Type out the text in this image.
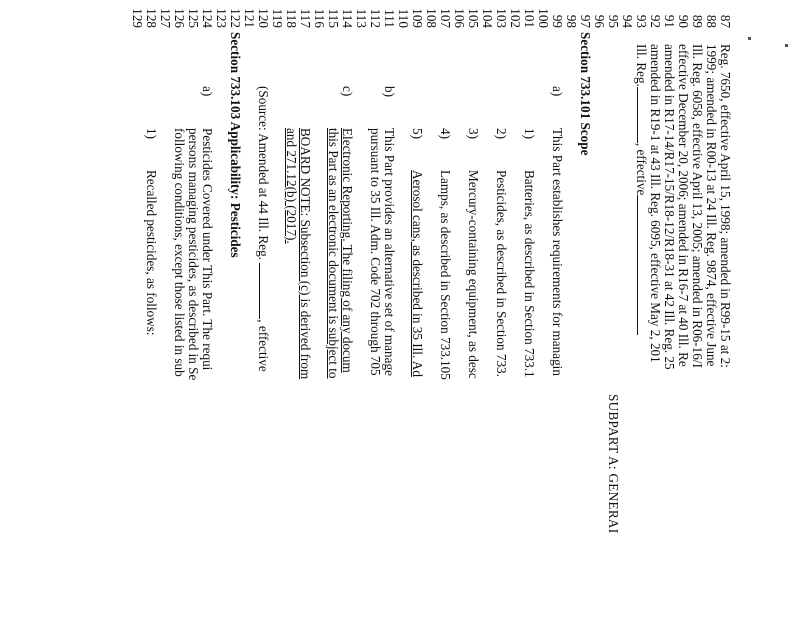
87
Reg. 7650, effective April 15, 1998; amended in R99-15 at 2:
88
1999; amended in R00-13 at 24 Ill. Reg. 9874, effective June
89
Ill. Reg. 6058, effective April 13, 2005; amended in R06-16/I
90
effective December 20, 2006; amended in R16-7 at 40 Ill. Re
91
amended in R17-14/R17-15/R18-12/R18-31 at 42 Ill. Reg. 25
92
amended in R19-1 at 43 Ill. Reg. 6095, effective May 2, 201
93
Ill. Reg., effective
94
95
SUBPART A: GENERAI
96
97
Section 733.101 Scope
98
99
a)
This Part establishes requirements for managin
100
101
1)
Batteries, as described in Section 733.1
102
103
2)
Pesticides, as described in Section 733.
104
105
3)
Mercury-containing equipment, as desc
106
107
4)
Lamps, as described in Section 733.105
108
109
5)
Aerosol cans, as described in 35 Ill. Ad
110
111
b)
This Part provides an alternative set of manage
112
pursuant to 35 Ill. Adm. Code 702 through 705
113
114
c)
Electronic Reporting. The filing of any docum
115
this Part as an electronic document is subject to
116
117
BOARD NOTE: Subsection (c) is derived from
118
and 271.12(b) (2017).
119
120
(Source: Amended at 44 Ill. Reg. , effective
121
122
Section 733.103 Applicability: Pesticides
123
124
a)
Pesticides Covered under This Part. The requi
125
persons managing pesticides, as described in Se
126
following conditions, except those listed in sub
127
128
1)
Recalled pesticides, as follows:
129
